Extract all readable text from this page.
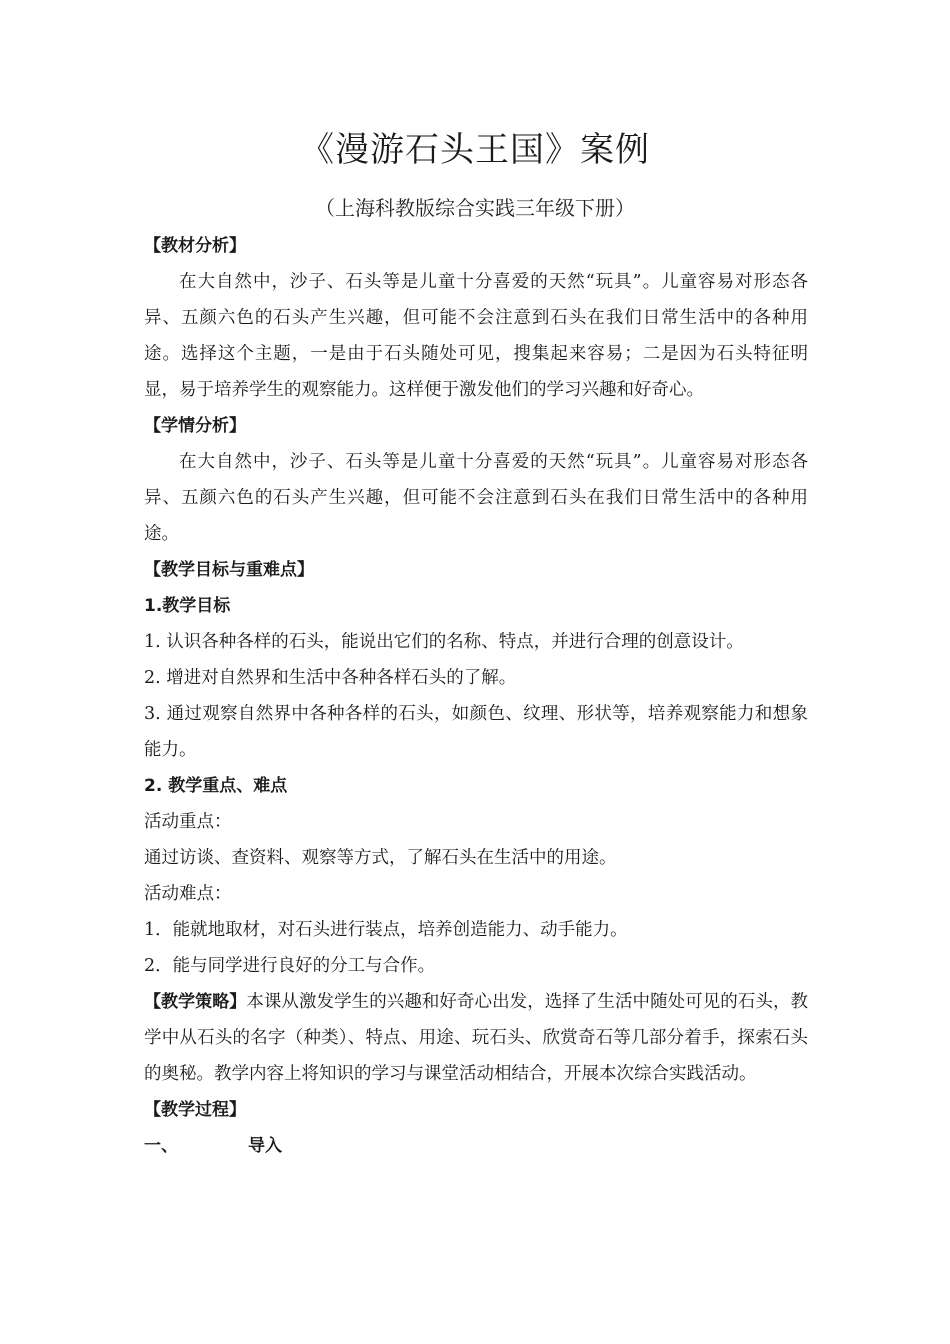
《漫游石头王国》案例
（上海科教版综合实践三年级下册）

【教材分析】

在大自然中，沙子、石头等是儿童十分喜爱的天然“玩具”。儿童容易对形态各异、五颜六色的石头产生兴趣，但可能不会注意到石头在我们日常生活中的各种用途。选择这个主题，一是由于石头随处可见，搜集起来容易；二是因为石头特征明显，易于培养学生的观察能力。这样便于激发他们的学习兴趣和好奇心。

【学情分析】

在大自然中，沙子、石头等是儿童十分喜爱的天然“玩具”。儿童容易对形态各异、五颜六色的石头产生兴趣，但可能不会注意到石头在我们日常生活中的各种用途。

【教学目标与重难点】

1.教学目标

1. 认识各种各样的石头，能说出它们的名称、特点，并进行合理的创意设计。

2. 增进对自然界和生活中各种各样石头的了解。

3. 通过观察自然界中各种各样的石头，如颜色、纹理、形状等，培养观察能力和想象能力。

2. 教学重点、难点

活动重点：

通过访谈、查资料、观察等方式，了解石头在生活中的用途。

活动难点：

1．能就地取材，对石头进行装点，培养创造能力、动手能力。

2．能与同学进行良好的分工与合作。

【教学策略】本课从激发学生的兴趣和好奇心出发，选择了生活中随处可见的石头，教学中从石头的名字（种类）、特点、用途、玩石头、欣赏奇石等几部分着手，探索石头的奥秘。教学内容上将知识的学习与课堂活动相结合，开展本次综合实践活动。

【教学过程】

一、	导入
